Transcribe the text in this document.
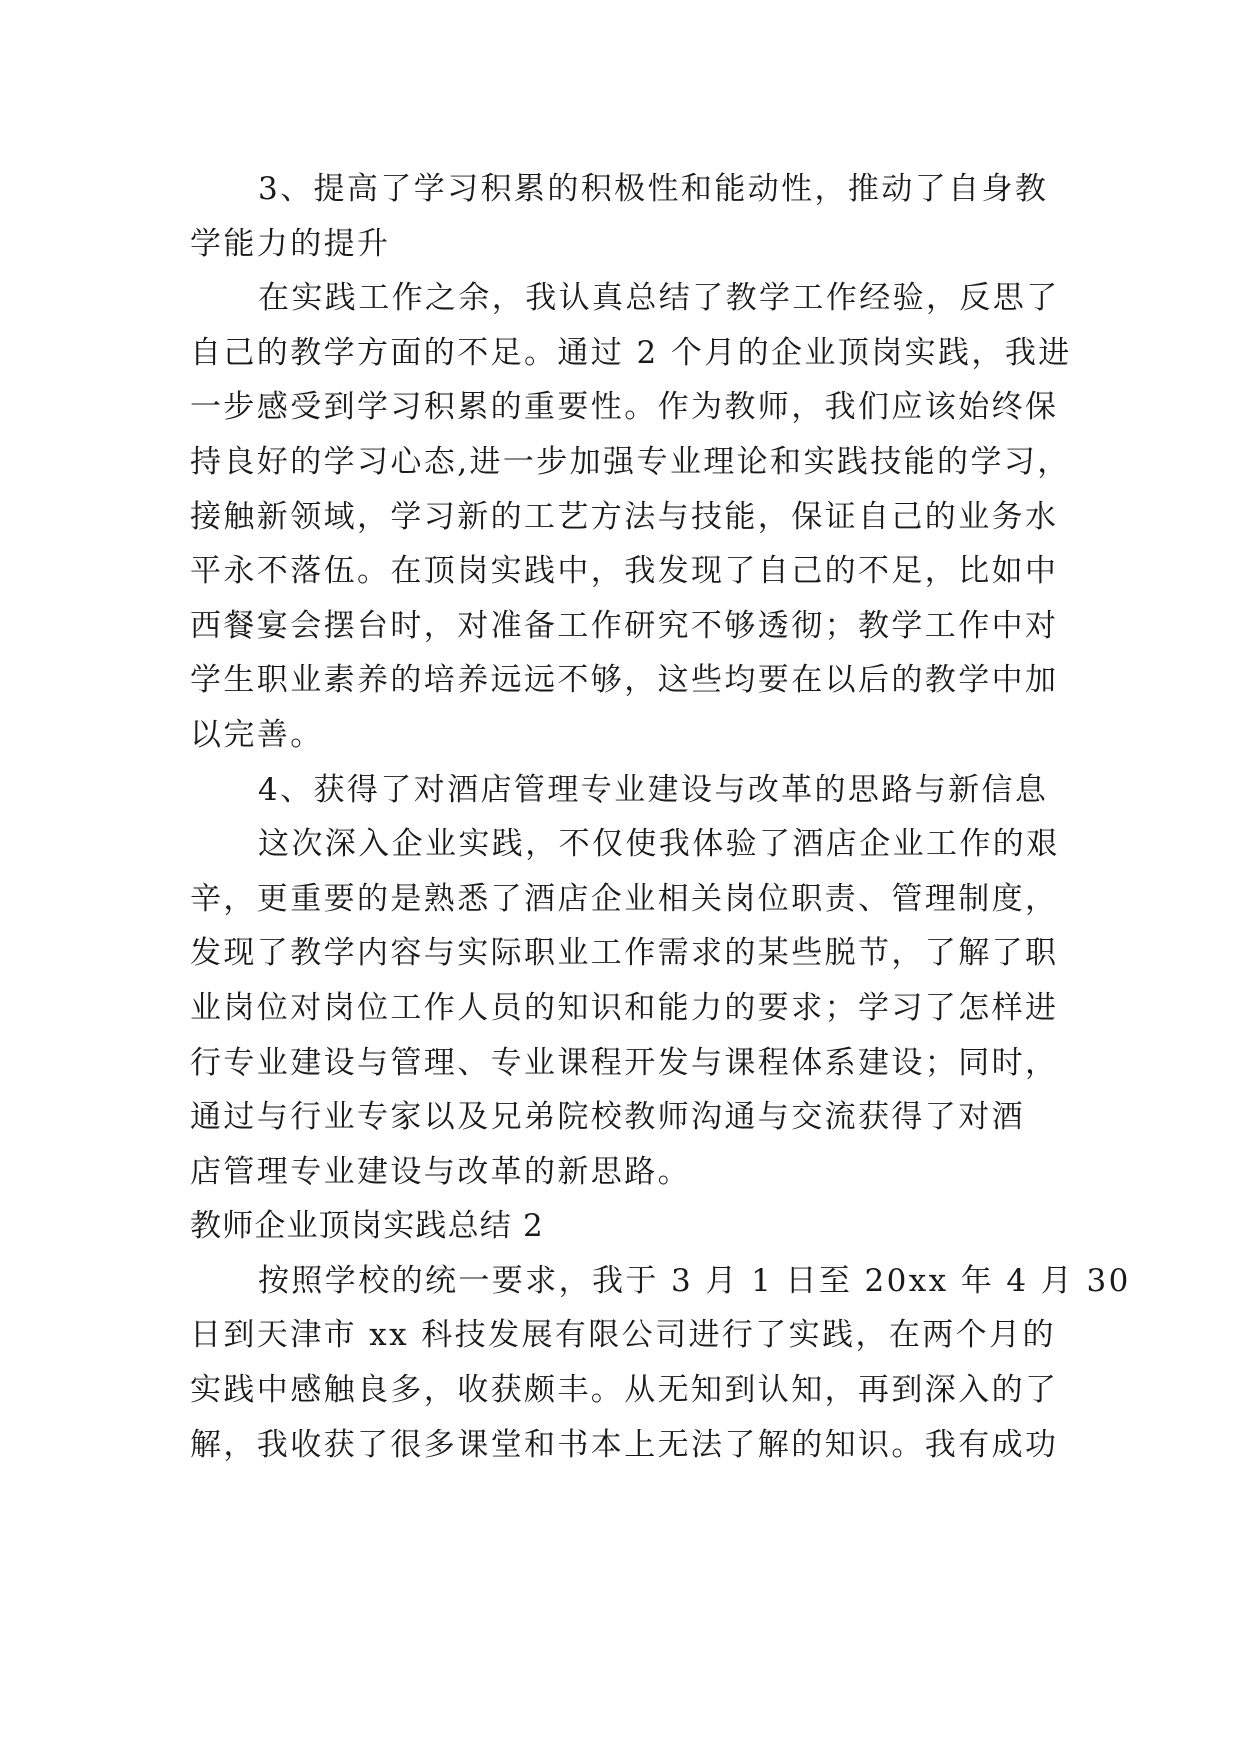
3、提高了学习积累的积极性和能动性，推动了自身教
学能力的提升
在实践工作之余，我认真总结了教学工作经验，反思了
自己的教学方面的不足。通过 2 个月的企业顶岗实践，我进
一步感受到学习积累的重要性。作为教师，我们应该始终保
持良好的学习心态,进一步加强专业理论和实践技能的学习，
接触新领域，学习新的工艺方法与技能，保证自己的业务水
平永不落伍。在顶岗实践中，我发现了自己的不足，比如中
西餐宴会摆台时，对准备工作研究不够透彻；教学工作中对
学生职业素养的培养远远不够，这些均要在以后的教学中加
以完善。
4、获得了对酒店管理专业建设与改革的思路与新信息
这次深入企业实践，不仅使我体验了酒店企业工作的艰
辛，更重要的是熟悉了酒店企业相关岗位职责、管理制度，
发现了教学内容与实际职业工作需求的某些脱节，了解了职
业岗位对岗位工作人员的知识和能力的要求；学习了怎样进
行专业建设与管理、专业课程开发与课程体系建设；同时，
通过与行业专家以及兄弟院校教师沟通与交流获得了对酒
店管理专业建设与改革的新思路。
教师企业顶岗实践总结 2
按照学校的统一要求，我于 3 月 1 日至 20xx 年 4 月 30
日到天津市 xx 科技发展有限公司进行了实践，在两个月的
实践中感触良多，收获颇丰。从无知到认知，再到深入的了
解，我收获了很多课堂和书本上无法了解的知识。我有成功
